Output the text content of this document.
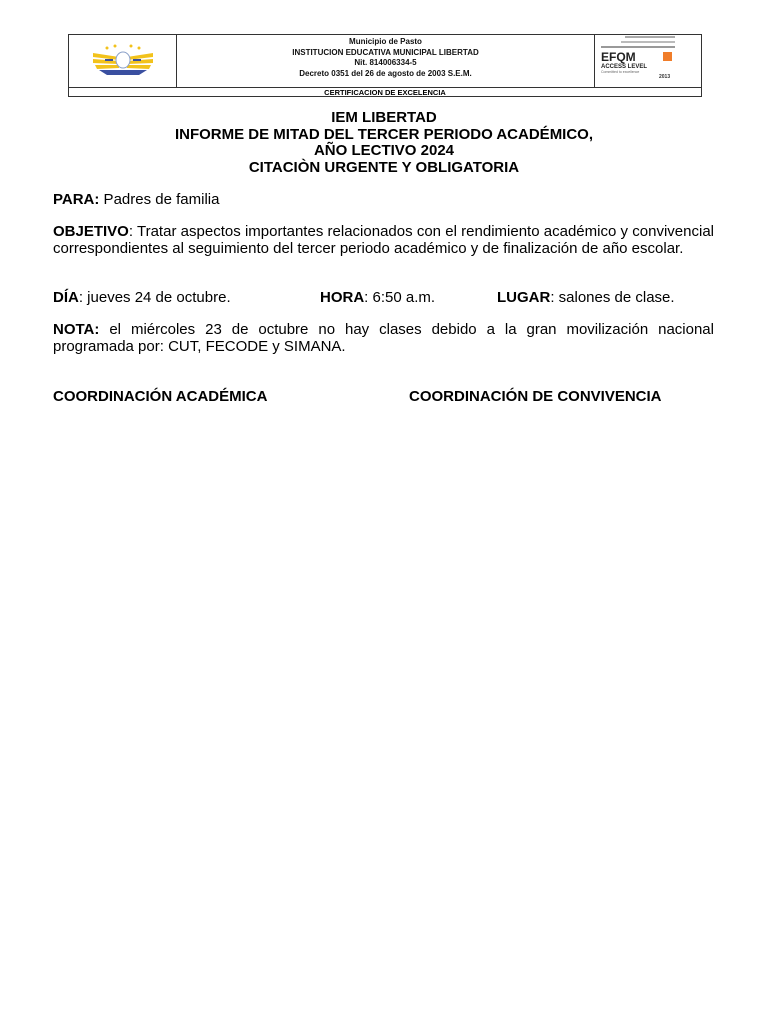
Municipio de Pasto
INSTITUCION EDUCATIVA MUNICIPAL LIBERTAD
Nit. 814006334-5
Decreto 0351 del 26 de agosto de 2003 S.E.M.
EFQM
ACCESS LEVEL
Committed to excellence
2013
CERTIFICACION DE EXCELENCIA
IEM LIBERTAD
INFORME DE MITAD DEL TERCER PERIODO ACADÉMICO,
AÑO LECTIVO 2024
CITACIÒN URGENTE Y OBLIGATORIA
PARA: Padres de familia
OBJETIVO: Tratar aspectos importantes relacionados con el rendimiento académico y convivencial correspondientes al seguimiento del tercer periodo académico y de finalización de año escolar.
DÍA: jueves 24 de octubre.	HORA: 6:50 a.m.	LUGAR: salones de clase.
NOTA: el miércoles 23 de octubre no hay clases debido a la gran movilización nacional programada por: CUT, FECODE y SIMANA.
COORDINACIÓN ACADÉMICA	COORDINACIÓN DE CONVIVENCIA
